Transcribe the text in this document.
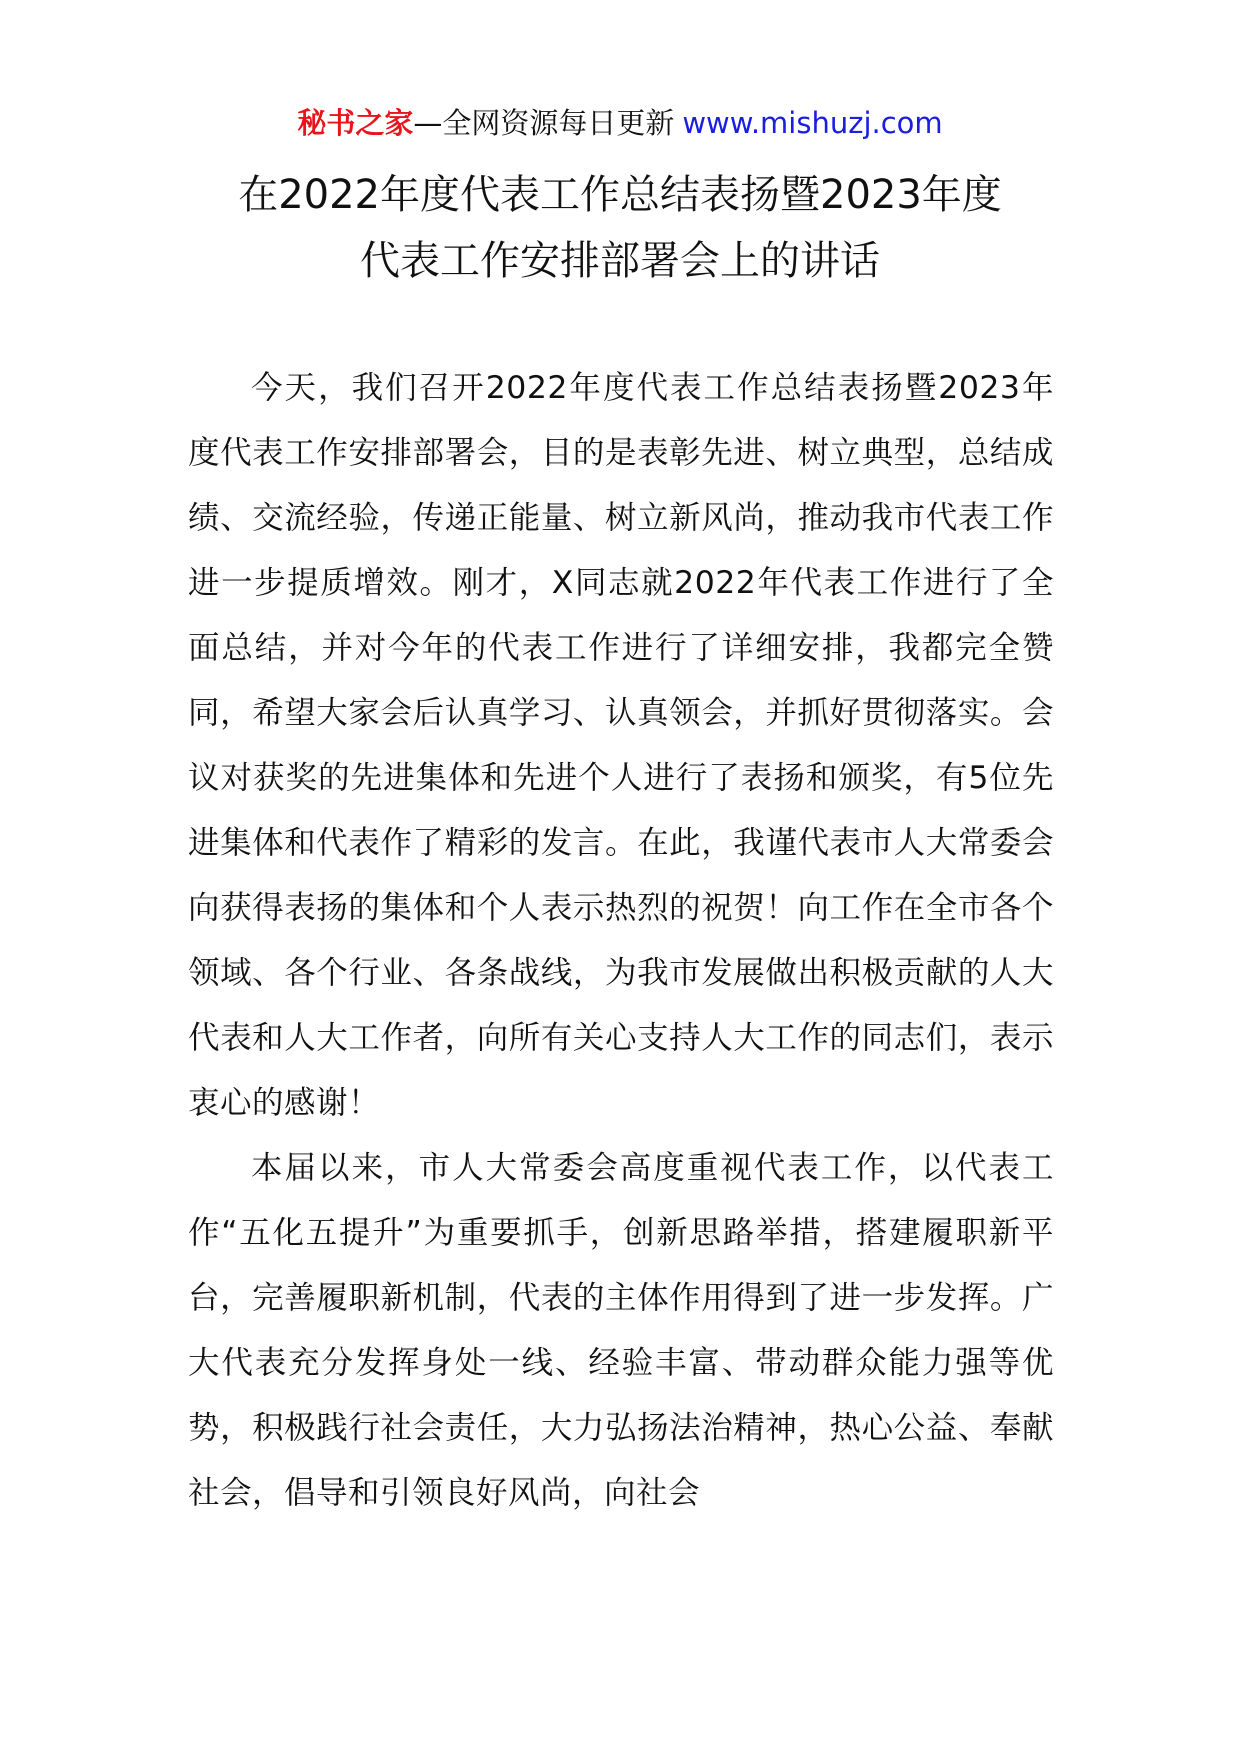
秘书之家—全网资源每日更新 www.mishuzj.com
在2022年度代表工作总结表扬暨2023年度
代表工作安排部署会上的讲话

今天，我们召开2022年度代表工作总结表扬暨2023年度代表工作安排部署会，目的是表彰先进、树立典型，总结成绩、交流经验，传递正能量、树立新风尚，推动我市代表工作进一步提质增效。刚才，X同志就2022年代表工作进行了全面总结，并对今年的代表工作进行了详细安排，我都完全赞同，希望大家会后认真学习、认真领会，并抓好贯彻落实。会议对获奖的先进集体和先进个人进行了表扬和颁奖，有5位先进集体和代表作了精彩的发言。在此，我谨代表市人大常委会向获得表扬的集体和个人表示热烈的祝贺！向工作在全市各个领域、各个行业、各条战线，为我市发展做出积极贡献的人大代表和人大工作者，向所有关心支持人大工作的同志们，表示衷心的感谢！

本届以来，市人大常委会高度重视代表工作，以代表工作“五化五提升”为重要抓手，创新思路举措，搭建履职新平台，完善履职新机制，代表的主体作用得到了进一步发挥。广大代表充分发挥身处一线、经验丰富、带动群众能力强等优势，积极践行社会责任，大力弘扬法治精神，热心公益、奉献社会，倡导和引领良好风尚，向社会
